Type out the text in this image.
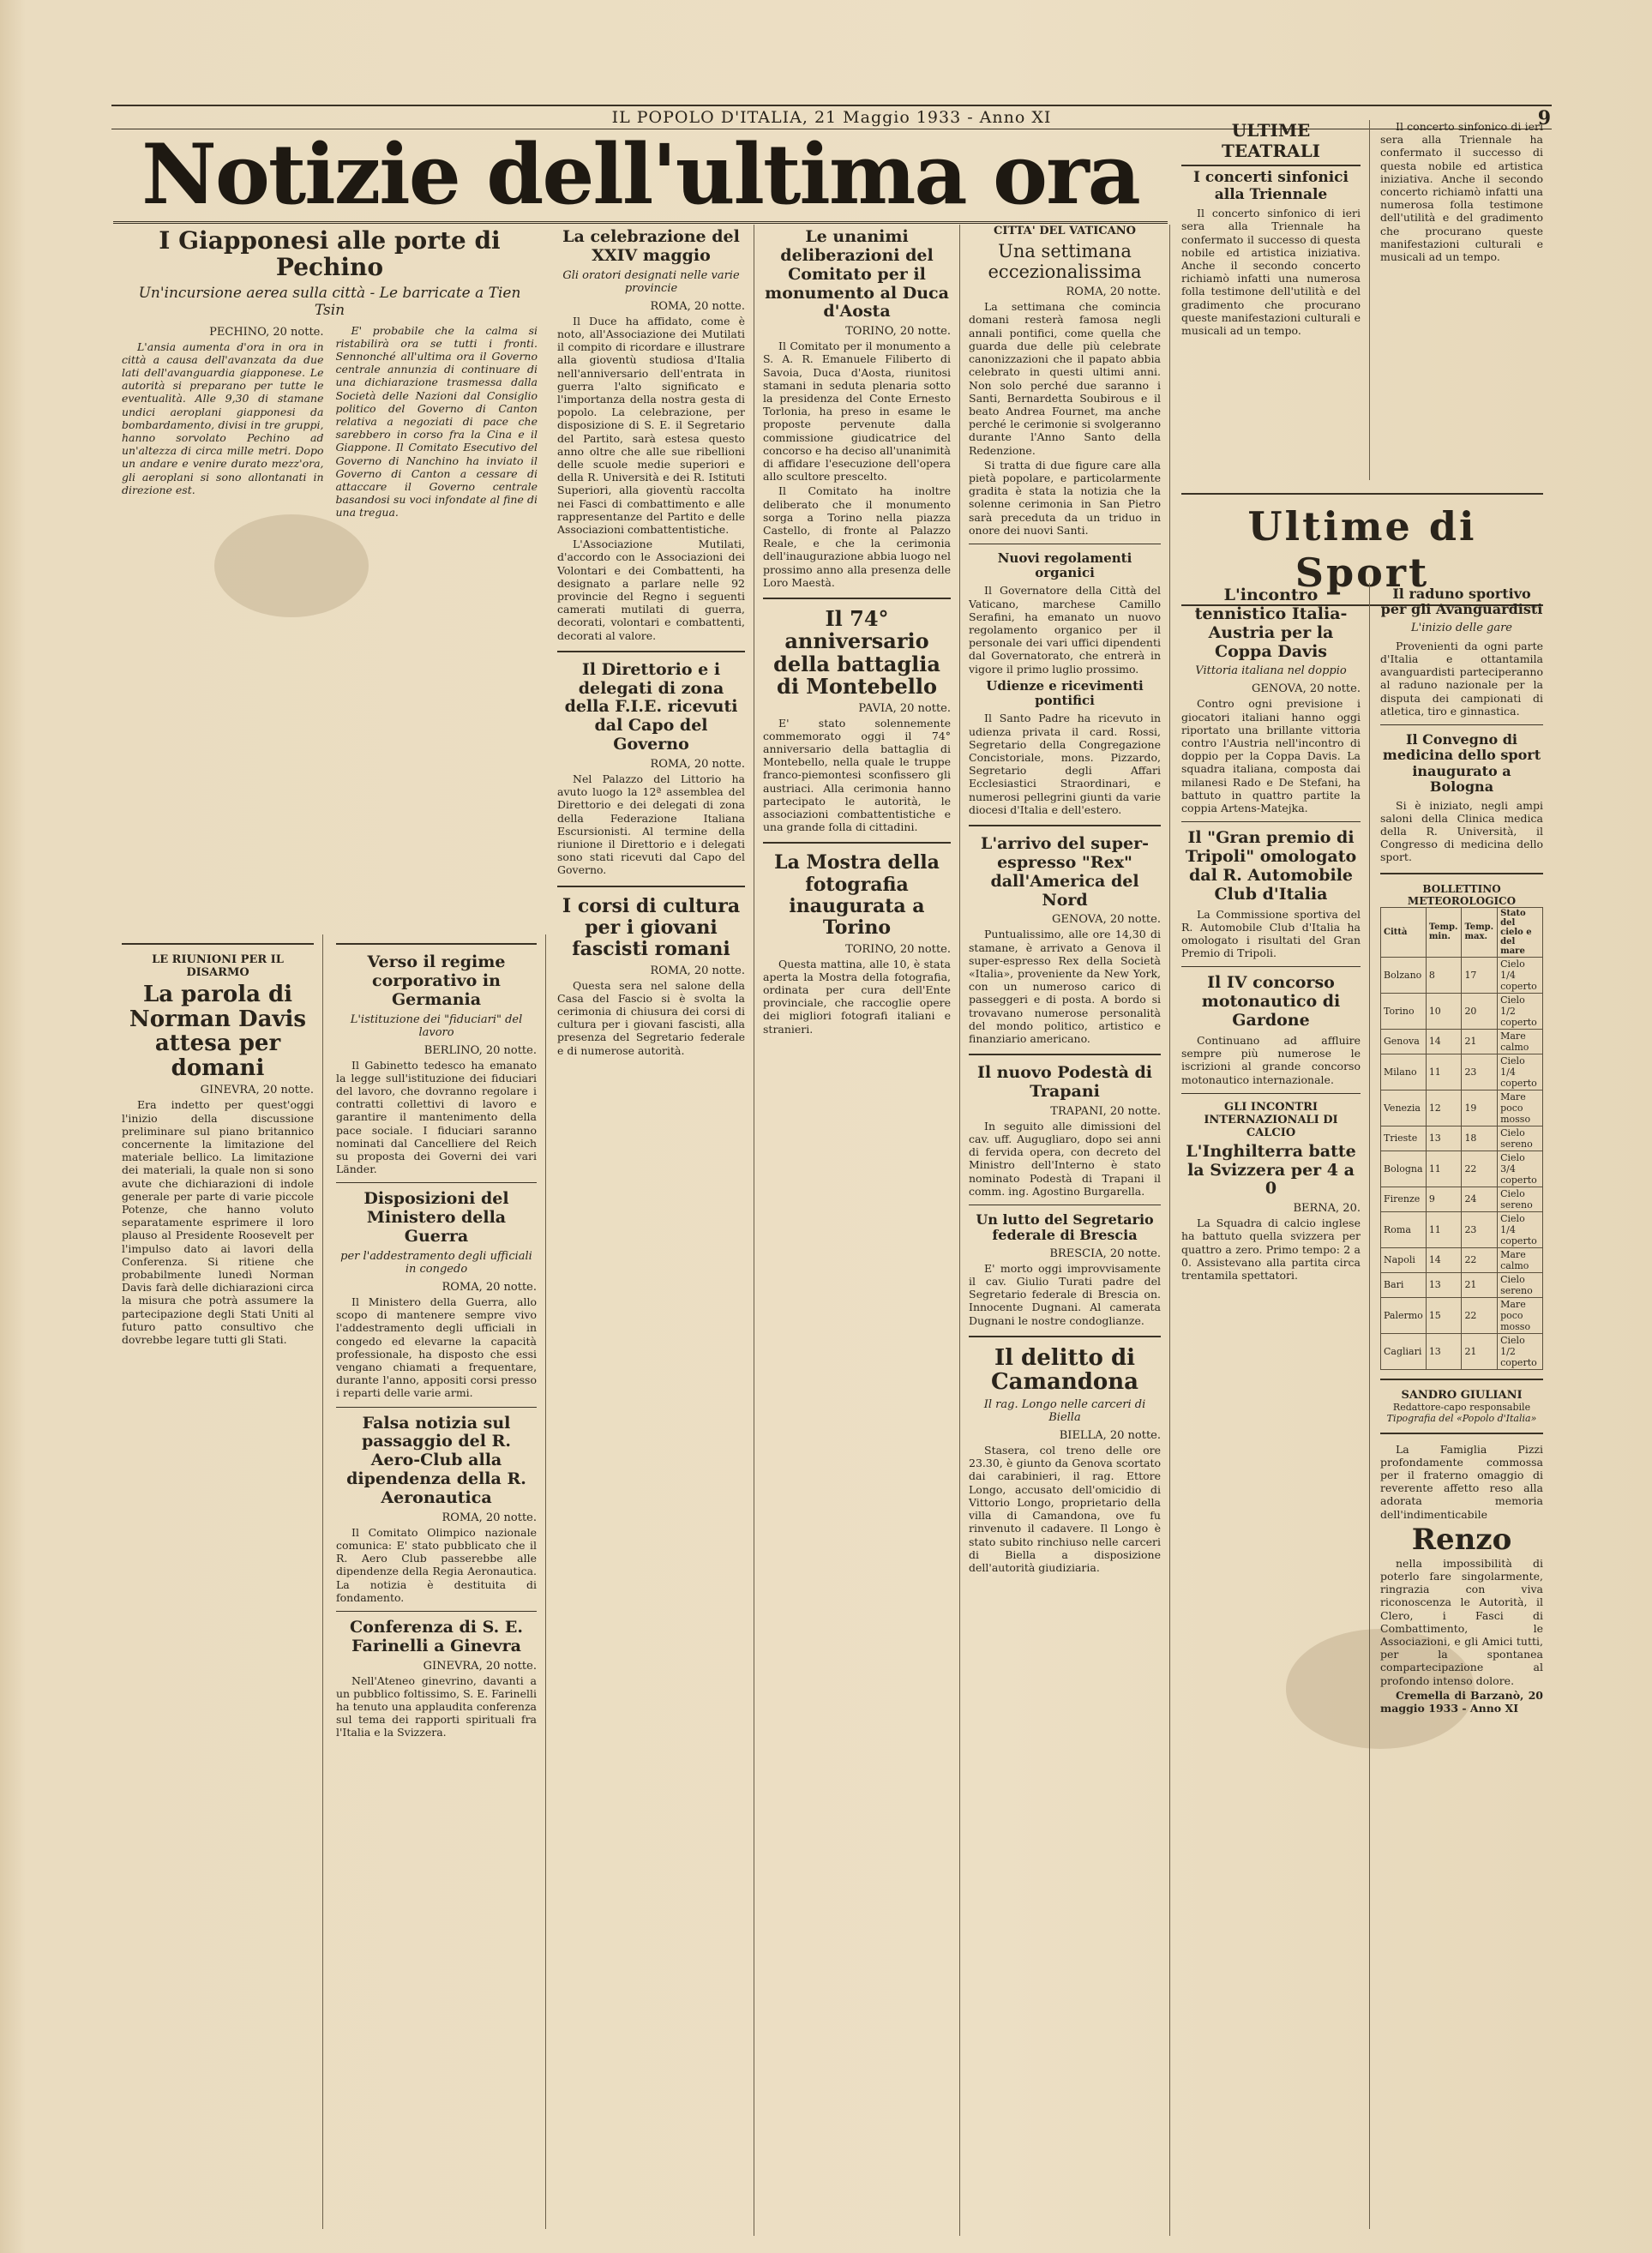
IL POPOLO D'ITALIA, 21 Maggio 1933 - Anno XI	9
Notizie dell'ultima ora
I Giapponesi alle porte di Pechino
Un'incursione aerea sulla città - Le barricate a Tien Tsin
PECHINO, 20 notte.

L'ansia aumenta d'ora in ora in città a causa dell'avanzata da due lati dell'avanguardia giapponese. Le autorità si preparano per tutte le eventualità. Alle 9,30 di stamane undici aeroplani giapponesi da bombardamento, divisi in tre gruppi, hanno sorvolato Pechino ad un'altezza di circa mille metri. Dopo un andare e venire durato mezz'ora, gli aeroplani si sono allontanati in direzione est.

E' probabile che la calma si ristabilirà ora se tutti i fronti. Sennonché all'ultima ora il Governo centrale annunzia di continuare di una dichiarazione trasmessa dalla Società delle Nazioni dal Consiglio politico del Governo di Canton relativa a negoziati di pace che sarebbero in corso fra la Cina e il Giappone. Il Comitato Esecutivo del Governo di Nanchino ha inviato il Governo di Canton a cessare di attaccare il Governo centrale basandosi su voci infondate al fine di una tregua.

LE RIUNIONI PER IL DISARMO
La parola di Norman Davis attesa per domani
GINEVRA, 20 notte.

Era indetto per quest'oggi l'inizio della discussione preliminare sul piano britannico concernente la limitazione del materiale bellico. La limitazione dei materiali, la quale non si sono avute che dichiarazioni di indole generale per parte di varie piccole Potenze, che hanno voluto separatamente esprimere il loro plauso al Presidente Roosevelt per l'impulso dato ai lavori della Conferenza. Si ritiene che probabilmente lunedì Norman Davis farà delle dichiarazioni circa la misura che potrà assumere la partecipazione degli Stati Uniti al futuro patto consultivo che dovrebbe legare tutti gli Stati.

Verso il regime corporativo in Germania
L'istituzione dei "fiduciari" del lavoro
BERLINO, 20 notte.

Il Gabinetto tedesco ha emanato la legge sull'istituzione dei fiduciari del lavoro, che dovranno regolare i contratti collettivi di lavoro e garantire il mantenimento della pace sociale. I fiduciari saranno nominati dal Cancelliere del Reich su proposta dei Governi dei vari Länder.

Disposizioni del Ministero della Guerra
per l'addestramento degli ufficiali in congedo
ROMA, 20 notte.

Il Ministero della Guerra, allo scopo di mantenere sempre vivo l'addestramento degli ufficiali in congedo ed elevarne la capacità professionale, ha disposto che essi vengano chiamati a frequentare, durante l'anno, appositi corsi presso i reparti delle varie armi.

Falsa notizia sul passaggio del R. Aero-Club alla dipendenza della R. Aeronautica
ROMA, 20 notte.

Il Comitato Olimpico nazionale comunica: E' stato pubblicato che il R. Aero Club passerebbe alle dipendenze della Regia Aeronautica. La notizia è destituita di fondamento.

Conferenza di S. E. Farinelli a Ginevra
GINEVRA, 20 notte.

Nell'Ateneo ginevrino, davanti a un pubblico foltissimo, S. E. Farinelli ha tenuto una applaudita conferenza sul tema dei rapporti spirituali fra l'Italia e la Svizzera.

La celebrazione del XXIV maggio
Gli oratori designati nelle varie provincie
ROMA, 20 notte.

Il Duce ha affidato, come è noto, all'Associazione dei Mutilati il compito di ricordare e illustrare alla gioventù studiosa d'Italia nell'anniversario dell'entrata in guerra l'alto significato e l'importanza della nostra gesta di popolo. La celebrazione, per disposizione di S. E. il Segretario del Partito, sarà estesa questo anno oltre che alle sue ribellioni delle scuole medie superiori e della R. Università e dei R. Istituti Superiori, alla gioventù raccolta nei Fasci di combattimento e alle rappresentanze del Partito e delle Associazioni combattentistiche.

L'Associazione Mutilati, d'accordo con le Associazioni dei Volontari e dei Combattenti, ha designato a parlare nelle 92 provincie del Regno i seguenti camerati mutilati di guerra, decorati, volontari e combattenti, decorati al valore.

Il Direttorio e i delegati di zona della F.I.E. ricevuti dal Capo del Governo
ROMA, 20 notte.

Nel Palazzo del Littorio ha avuto luogo la 12ª assemblea del Direttorio e dei delegati di zona della Federazione Italiana Escursionisti. Al termine della riunione il Direttorio e i delegati sono stati ricevuti dal Capo del Governo.

I corsi di cultura per i giovani fascisti romani
ROMA, 20 notte.

Questa sera nel salone della Casa del Fascio si è svolta la cerimonia di chiusura dei corsi di cultura per i giovani fascisti, alla presenza del Segretario federale e di numerose autorità.

Le unanimi deliberazioni del Comitato per il monumento al Duca d'Aosta
TORINO, 20 notte.

Il Comitato per il monumento a S. A. R. Emanuele Filiberto di Savoia, Duca d'Aosta, riunitosi stamani in seduta plenaria sotto la presidenza del Conte Ernesto Torlonia, ha preso in esame le proposte pervenute dalla commissione giudicatrice del concorso e ha deciso all'unanimità di affidare l'esecuzione dell'opera allo scultore prescelto.

Il Comitato ha inoltre deliberato che il monumento sorga a Torino nella piazza Castello, di fronte al Palazzo Reale, e che la cerimonia dell'inaugurazione abbia luogo nel prossimo anno alla presenza delle Loro Maestà.

Il 74° anniversario della battaglia di Montebello
PAVIA, 20 notte.

E' stato solennemente commemorato oggi il 74° anniversario della battaglia di Montebello, nella quale le truppe franco-piemontesi sconfissero gli austriaci. Alla cerimonia hanno partecipato le autorità, le associazioni combattentistiche e una grande folla di cittadini.

La Mostra della fotografia inaugurata a Torino
TORINO, 20 notte.

Questa mattina, alle 10, è stata aperta la Mostra della fotografia, ordinata per cura dell'Ente provinciale, che raccoglie opere dei migliori fotografi italiani e stranieri.

CITTA' DEL VATICANO
Una settimana eccezionalissima
ROMA, 20 notte.

La settimana che comincia domani resterà famosa negli annali pontifici, come quella che guarda due delle più celebrate canonizzazioni che il papato abbia celebrato in questi ultimi anni. Non solo perché due saranno i Santi, Bernardetta Soubirous e il beato Andrea Fournet, ma anche perché le cerimonie si svolgeranno durante l'Anno Santo della Redenzione.

Si tratta di due figure care alla pietà popolare, e particolarmente gradita è stata la notizia che la solenne cerimonia in San Pietro sarà preceduta da un triduo in onore dei nuovi Santi.

Nuovi regolamenti organici

Il Governatore della Città del Vaticano, marchese Camillo Serafini, ha emanato un nuovo regolamento organico per il personale dei vari uffici dipendenti dal Governatorato, che entrerà in vigore il primo luglio prossimo.

Udienze e ricevimenti pontifici

Il Santo Padre ha ricevuto in udienza privata il card. Rossi, Segretario della Congregazione Concistoriale, mons. Pizzardo, Segretario degli Affari Ecclesiastici Straordinari, e numerosi pellegrini giunti da varie diocesi d'Italia e dell'estero.

L'arrivo del super-espresso "Rex" dall'America del Nord
GENOVA, 20 notte.

Puntualissimo, alle ore 14,30 di stamane, è arrivato a Genova il super-espresso Rex della Società «Italia», proveniente da New York, con un numeroso carico di passeggeri e di posta. A bordo si trovavano numerose personalità del mondo politico, artistico e finanziario americano.

Il nuovo Podestà di Trapani
TRAPANI, 20 notte.

In seguito alle dimissioni del cav. uff. Augugliaro, dopo sei anni di fervida opera, con decreto del Ministro dell'Interno è stato nominato Podestà di Trapani il comm. ing. Agostino Burgarella.

Un lutto del Segretario federale di Brescia
BRESCIA, 20 notte.

E' morto oggi improvvisamente il cav. Giulio Turati padre del Segretario federale di Brescia on. Innocente Dugnani. Al camerata Dugnani le nostre condoglianze.

Il delitto di Camandona
Il rag. Longo nelle carceri di Biella
BIELLA, 20 notte.

Stasera, col treno delle ore 23.30, è giunto da Genova scortato dai carabinieri, il rag. Ettore Longo, accusato dell'omicidio di Vittorio Longo, proprietario della villa di Camandona, ove fu rinvenuto il cadavere. Il Longo è stato subito rinchiuso nelle carceri di Biella a disposizione dell'autorità giudiziaria.

ULTIME TEATRALI
I concerti sinfonici alla Triennale

Il concerto sinfonico di ieri sera alla Triennale ha confermato il successo di questa nobile ed artistica iniziativa. Anche il secondo concerto richiamò infatti una numerosa folla testimone dell'utilità e del gradimento che procurano queste manifestazioni culturali e musicali ad un tempo.

Il concerto sinfonico di ieri sera alla Triennale ha confermato il successo di questa nobile ed artistica iniziativa. Anche il secondo concerto richiamò infatti una numerosa folla testimone dell'utilità e del gradimento che procurano queste manifestazioni culturali e musicali ad un tempo.

Ultime di Sport
L'incontro tennistico Italia-Austria per la Coppa Davis
Vittoria italiana nel doppio
GENOVA, 20 notte.

Contro ogni previsione i giocatori italiani hanno oggi riportato una brillante vittoria contro l'Austria nell'incontro di doppio per la Coppa Davis. La squadra italiana, composta dai milanesi Rado e De Stefani, ha battuto in quattro partite la coppia Artens-Matejka.

Il "Gran premio di Tripoli" omologato dal R. Automobile Club d'Italia

La Commissione sportiva del R. Automobile Club d'Italia ha omologato i risultati del Gran Premio di Tripoli.

Il IV concorso motonautico di Gardone

Continuano ad affluire sempre più numerose le iscrizioni al grande concorso motonautico internazionale.

GLI INCONTRI INTERNAZIONALI DI CALCIO
L'Inghilterra batte la Svizzera per 4 a 0
BERNA, 20.

La Squadra di calcio inglese ha battuto quella svizzera per quattro a zero. Primo tempo: 2 a 0. Assistevano alla partita circa trentamila spettatori.

Il raduno sportivo per gli Avanguardisti
L'inizio delle gare

Provenienti da ogni parte d'Italia e ottantamila avanguardisti parteciperanno al raduno nazionale per la disputa dei campionati di atletica, tiro e ginnastica.

Il Convegno di medicina dello sport inaugurato a Bologna

Si è iniziato, negli ampi saloni della Clinica medica della R. Università, il Congresso di medicina dello sport.

BOLLETTINO METEOROLOGICO
Città	Temp. min.	Temp. max.	Stato del cielo e del mare
Bolzano	8	17	Cielo 1/4 coperto
Torino	10	20	Cielo 1/2 coperto
Genova	14	21	Mare calmo
Milano	11	23	Cielo 1/4 coperto
Venezia	12	19	Mare poco mosso
Trieste	13	18	Cielo sereno
Bologna	11	22	Cielo 3/4 coperto
Firenze	9	24	Cielo sereno
Roma	11	23	Cielo 1/4 coperto
Napoli	14	22	Mare calmo
Bari	13	21	Cielo sereno
Palermo	15	22	Mare poco mosso
Cagliari	13	21	Cielo 1/2 coperto
SANDRO GIULIANI
Redattore-capo responsabile
Tipografia del «Popolo d'Italia»

La Famiglia Pizzi profondamente commossa per il fraterno omaggio di reverente affetto reso alla adorata memoria dell'indimenticabile

Renzo

nella impossibilità di poterlo fare singolarmente, ringrazia con viva riconoscenza le Autorità, il Clero, i Fasci di Combattimento, le Associazioni, e gli Amici tutti, per la spontanea compartecipazione al profondo intenso dolore.

Cremella di Barzanò, 20 maggio 1933 - Anno XI
